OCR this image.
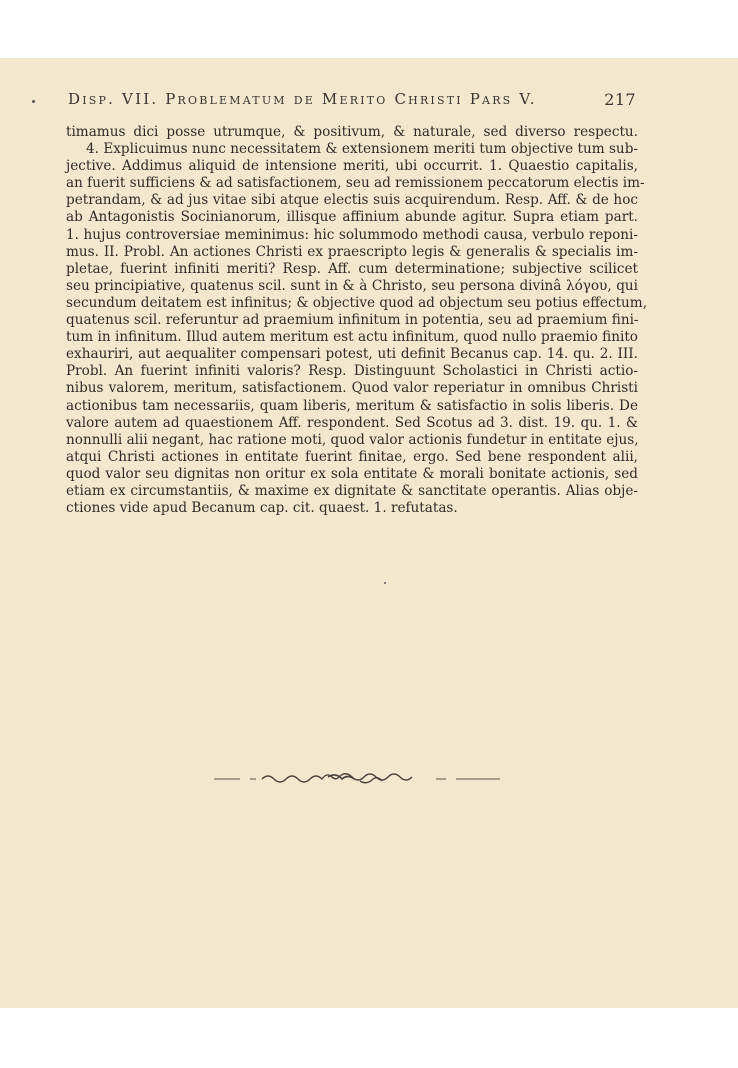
Disp. VII. Problematum de Merito Christi Pars V.	217
timamus dici posse utrumque, & positivum, & naturale, sed diverso respectu.
4. Explicuimus nunc necessitatem & extensionem meriti tum objective tum sub-
jective. Addimus aliquid de intensione meriti, ubi occurrit. 1. Quaestio capitalis,
an fuerit sufficiens & ad satisfactionem, seu ad remissionem peccatorum electis im-
petrandam, & ad jus vitae sibi atque electis suis acquirendum. Resp. Aff. & de hoc
ab Antagonistis Socinianorum, illisque affinium abunde agitur. Supra etiam part.
1. hujus controversiae meminimus: hic solummodo methodi causa, verbulo reponi-
mus. II. Probl. An actiones Christi ex praescripto legis & generalis & specialis im-
pletae, fuerint infiniti meriti? Resp. Aff. cum determinatione; subjective scilicet
seu principiative, quatenus scil. sunt in & à Christo, seu persona divinâ λόγου, qui
secundum deitatem est infinitus; & objective quod ad objectum seu potius effectum,
quatenus scil. referuntur ad praemium infinitum in potentia, seu ad praemium fini-
tum in infinitum. Illud autem meritum est actu infinitum, quod nullo praemio finito
exhauriri, aut aequaliter compensari potest, uti definit Becanus cap. 14. qu. 2. III.
Probl. An fuerint infiniti valoris? Resp. Distinguunt Scholastici in Christi actio-
nibus valorem, meritum, satisfactionem. Quod valor reperiatur in omnibus Christi
actionibus tam necessariis, quam liberis, meritum & satisfactio in solis liberis. De
valore autem ad quaestionem Aff. respondent. Sed Scotus ad 3. dist. 19. qu. 1. &
nonnulli alii negant, hac ratione moti, quod valor actionis fundetur in entitate ejus,
atqui Christi actiones in entitate fuerint finitae, ergo. Sed bene respondent alii,
quod valor seu dignitas non oritur ex sola entitate & morali bonitate actionis, sed
etiam ex circumstantiis, & maxime ex dignitate & sanctitate operantis. Alias obje-
ctiones vide apud Becanum cap. cit. quaest. 1. refutatas.
